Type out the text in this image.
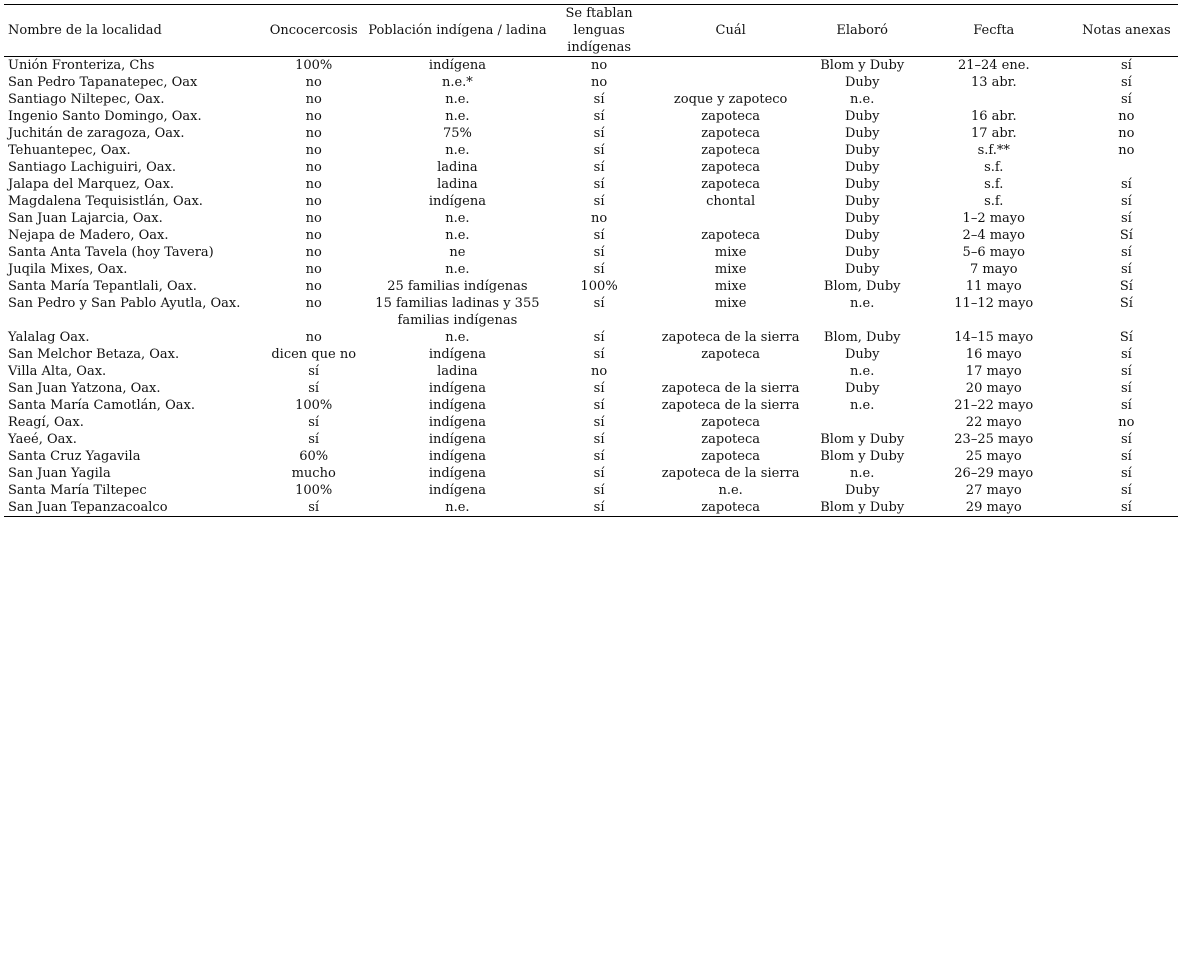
Nombre de la localidad	Oncocercosis	Población indígena / ladina	Se ftablan lenguas indígenas	Cuál	Elaboró	Fecfta	Notas anexas
Unión Fronteriza, Chs	100%	indígena	no		Blom y Duby	21–24 ene.	sí
San Pedro Tapanatepec, Oax	no	n.e.*	no		Duby	13 abr.	sí
Santiago Niltepec, Oax.	no	n.e.	sí	zoque y zapoteco	n.e.		sí
Ingenio Santo Domingo, Oax.	no	n.e.	sí	zapoteca	Duby	16 abr.	no
Juchitán de zaragoza, Oax.	no	75%	sí	zapoteca	Duby	17 abr.	no
Tehuantepec, Oax.	no	n.e.	sí	zapoteca	Duby	s.f.**	no
Santiago Lachiguiri, Oax.	no	ladina	sí	zapoteca	Duby	s.f.	
Jalapa del Marquez, Oax.	no	ladina	sí	zapoteca	Duby	s.f.	sí
Magdalena Tequisistlán, Oax.	no	indígena	sí	chontal	Duby	s.f.	sí
San Juan Lajarcia, Oax.	no	n.e.	no		Duby	1–2 mayo	sí
Nejapa de Madero, Oax.	no	n.e.	sí	zapoteca	Duby	2–4 mayo	Sí
Santa Anta Tavela (hoy Tavera)	no	ne	sí	mixe	Duby	5–6 mayo	sí
Juqila Mixes, Oax.	no	n.e.	sí	mixe	Duby	7 mayo	sí
Santa María Tepantlali, Oax.	no	25 familias indígenas	100%	mixe	Blom, Duby	11 mayo	Sí
San Pedro y San Pablo Ayutla, Oax.	no	15 familias ladinas y 355 familias indígenas	sí	mixe	n.e.	11–12 mayo	Sí
Yalalag Oax.	no	n.e.	sí	zapoteca de la sierra	Blom, Duby	14–15 mayo	Sí
San Melchor Betaza, Oax.	dicen que no	indígena	sí	zapoteca	Duby	16 mayo	sí
Villa Alta, Oax.	sí	ladina	no		n.e.	17 mayo	sí
San Juan Yatzona, Oax.	sí	indígena	sí	zapoteca de la sierra	Duby	20 mayo	sí
Santa María Camotlán, Oax.	100%	indígena	sí	zapoteca de la sierra	n.e.	21–22 mayo	sí
Reagí, Oax.	sí	indígena	sí	zapoteca		22 mayo	no
Yaeé, Oax.	sí	indígena	sí	zapoteca	Blom y Duby	23–25 mayo	sí
Santa Cruz Yagavila	60%	indígena	sí	zapoteca	Blom y Duby	25 mayo	sí
San Juan Yagila	mucho	indígena	sí	zapoteca de la sierra	n.e.	26–29 mayo	sí
Santa María Tiltepec	100%	indígena	sí	n.e.	Duby	27 mayo	sí
San Juan Tepanzacoalco	sí	n.e.	sí	zapoteca	Blom y Duby	29 mayo	sí
